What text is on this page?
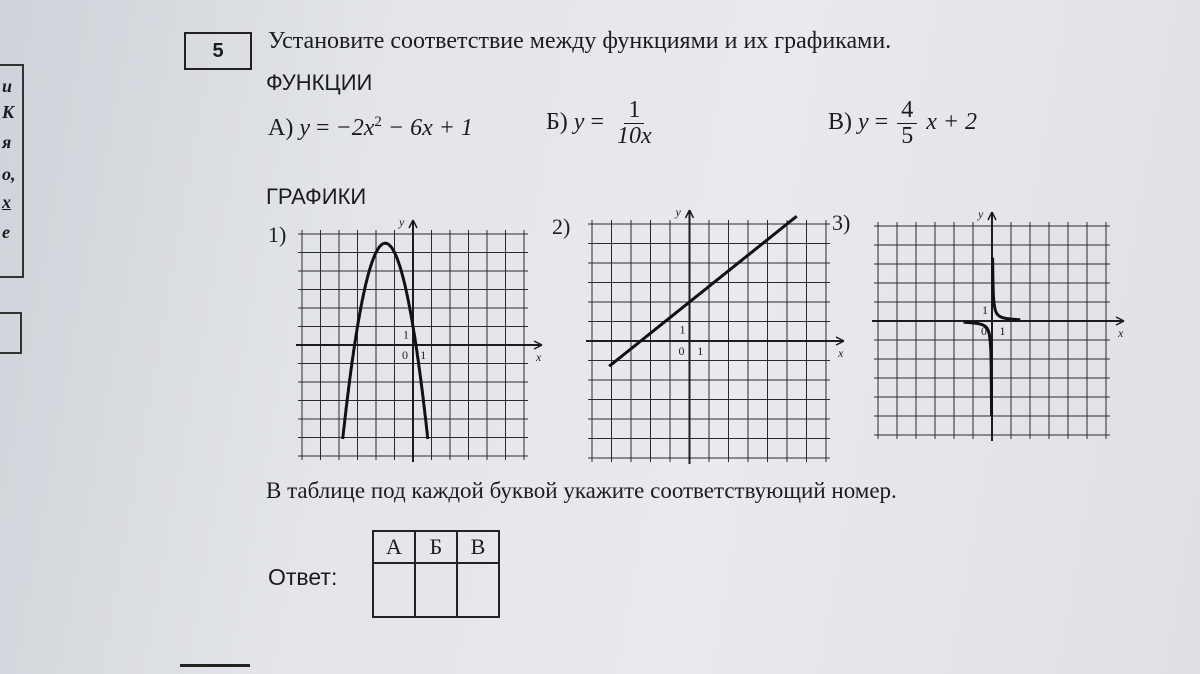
и
К
я
о,
х
е
5	Установите соответствие между функциями и их графиками.
ФУНКЦИИ
А) $y = -2x^2 - 6x + 1$	Б) $y = \frac{1}{10x}$	В) $y = \frac{4}{5}$ x + 2
ГРАФИКИ
1)	2)	3)
y
x
0 1
1
y
x
0 1
1
y
x
0 1
1
В таблице под каждой буквой укажите соответствующий номер.
Ответ:
А	Б	В
